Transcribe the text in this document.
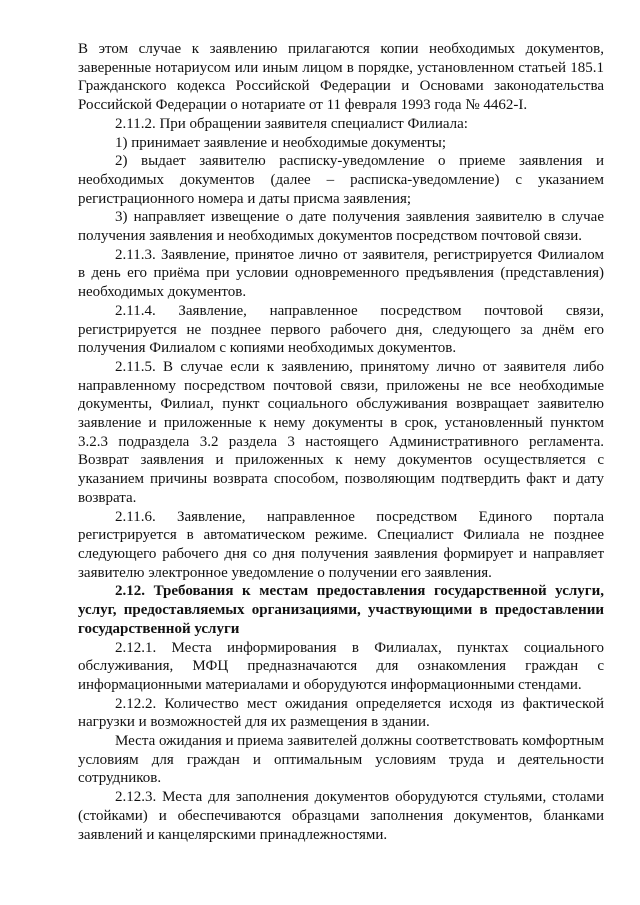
В этом случае к заявлению прилагаются копии необходимых документов, заверенные нотариусом или иным лицом в порядке, установленном статьей 185.1 Гражданского кодекса Российской Федерации и Основами законодательства Российской Федерации о нотариате от 11 февраля 1993 года № 4462-I.

2.11.2. При обращении заявителя специалист Филиала:

1) принимает заявление и необходимые документы;

2) выдает заявителю расписку-уведомление о приеме заявления и необходимых документов (далее – расписка-уведомление) с указанием регистрационного номера и даты присма заявления;

3) направляет извещение о дате получения заявления заявителю в случае получения заявления и необходимых документов посредством почтовой связи.

2.11.3. Заявление, принятое лично от заявителя, регистрируется Филиалом в день его приёма при условии одновременного предъявления (представления) необходимых документов.

2.11.4. Заявление, направленное посредством почтовой связи, регистрируется не позднее первого рабочего дня, следующего за днём его получения Филиалом с копиями необходимых документов.

2.11.5. В случае если к заявлению, принятому лично от заявителя либо направленному посредством почтовой связи, приложены не все необходимые документы, Филиал, пункт социального обслуживания возвращает заявителю заявление и приложенные к нему документы в срок, установленный пунктом 3.2.3 подраздела 3.2 раздела 3 настоящего Административного регламента. Возврат заявления и приложенных к нему документов осуществляется с указанием причины возврата способом, позволяющим подтвердить факт и дату возврата.

2.11.6. Заявление, направленное посредством Единого портала регистрируется в автоматическом режиме. Специалист Филиала не позднее следующего рабочего дня со дня получения заявления формирует и направляет заявителю электронное уведомление о получении его заявления.

2.12. Требования к местам предоставления государственной услуги, услуг, предоставляемых организациями, участвующими в предоставлении государственной услуги

2.12.1. Места информирования в Филиалах, пунктах социального обслуживания, МФЦ предназначаются для ознакомления граждан с информационными материалами и оборудуются информационными стендами.

2.12.2. Количество мест ожидания определяется исходя из фактической нагрузки и возможностей для их размещения в здании.

Места ожидания и приема заявителей должны соответствовать комфортным условиям для граждан и оптимальным условиям труда и деятельности сотрудников.

2.12.3. Места для заполнения документов оборудуются стульями, столами (стойками) и обеспечиваются образцами заполнения документов, бланками заявлений и канцелярскими принадлежностями.
